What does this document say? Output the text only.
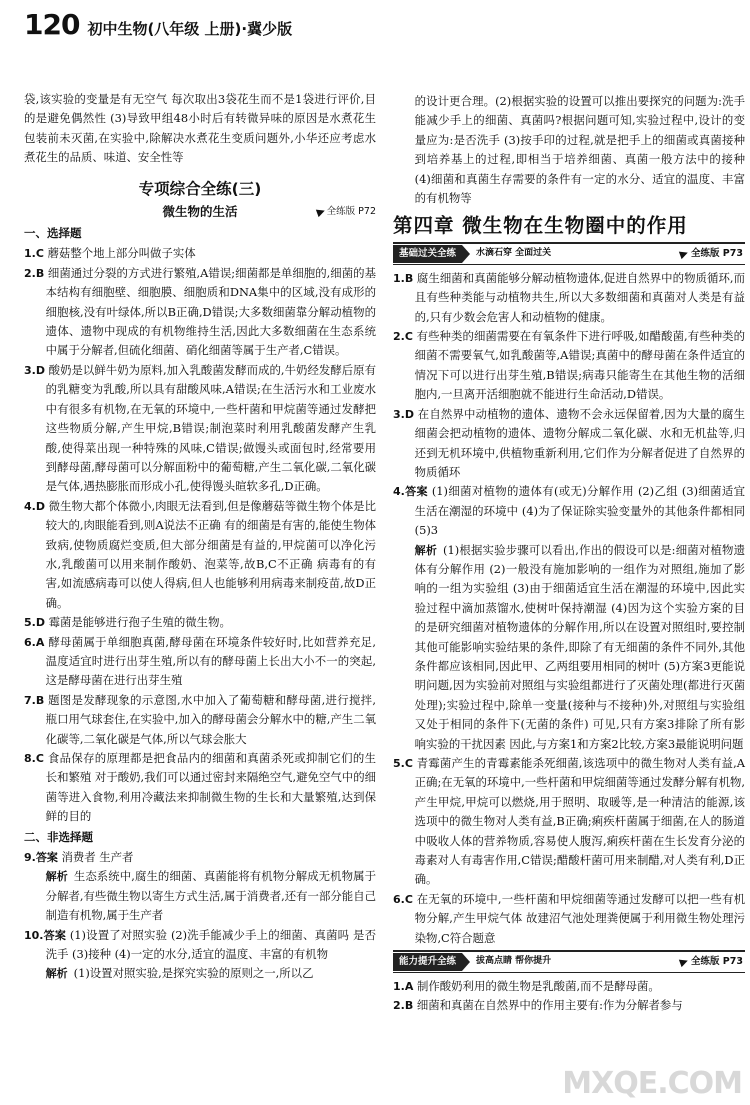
120 初中生物(八年级 上册)·冀少版

袋,该实验的变量是有无空气 每次取出3袋花生而不是1袋进行评价,目的是避免偶然性 (3)导致甲组48小时后有转微异味的原因是水煮花生包装前未灭菌,在实验中,除解决水煮花生变质问题外,小华还应考虑水煮花生的品质、味道、安全性等

专项综合全练(三)
微生物的生活	全练版 P72
一、选择题

1.C 蘑菇整个地上部分叫做子实体

2.B 细菌通过分裂的方式进行繁殖,A错误;细菌都是单细胞的,细菌的基本结构有细胞壁、细胞膜、细胞质和DNA集中的区域,没有成形的细胞核,没有叶绿体,所以B正确,D错误;大多数细菌靠分解动植物的遗体、遗物中现成的有机物维持生活,因此大多数细菌在生态系统中属于分解者,但硫化细菌、硝化细菌等属于生产者,C错误。

3.D 酸奶是以鲜牛奶为原料,加入乳酸菌发酵而成的,牛奶经发酵后原有的乳糖变为乳酸,所以具有甜酸风味,A错误;在生活污水和工业废水中有很多有机物,在无氧的环境中,一些杆菌和甲烷菌等通过发酵把这些物质分解,产生甲烷,B错误;制泡菜时利用乳酸菌发酵产生乳酸,使得菜出现一种特殊的风味,C错误;做馒头或面包时,经常要用到酵母菌,酵母菌可以分解面粉中的葡萄糖,产生二氧化碳,二氧化碳是气体,遇热膨胀而形成小孔,使得馒头暄软多孔,D正确。

4.D 微生物大都个体微小,肉眼无法看到,但是像蘑菇等微生物个体是比较大的,肉眼能看到,则A说法不正确 有的细菌是有害的,能使生物体致病,使物质腐烂变质,但大部分细菌是有益的,甲烷菌可以净化污水,乳酸菌可以用来制作酸奶、泡菜等,故B,C不正确 病毒有的有害,如流感病毒可以使人得病,但人也能够利用病毒来制疫苗,故D正确。

5.D 霉菌是能够进行孢子生殖的微生物。

6.A 酵母菌属于单细胞真菌,酵母菌在环境条件较好时,比如营养充足,温度适宜时进行出芽生殖,所以有的酵母菌上长出大小不一的突起,这是酵母菌在进行出芽生殖

7.B 题图是发酵现象的示意图,水中加入了葡萄糖和酵母菌,进行搅拌,瓶口用气球套住,在实验中,加入的酵母菌会分解水中的糖,产生二氧化碳等,二氧化碳是气体,所以气球会胀大

8.C 食品保存的原理都是把食品内的细菌和真菌杀死或抑制它们的生长和繁殖 对于酸奶,我们可以通过密封来隔绝空气,避免空气中的细菌等进入食物,利用冷藏法来抑制微生物的生长和大量繁殖,达到保鲜的目的

二、非选择题

9.答案 消费者 生产者

解析 生态系统中,腐生的细菌、真菌能将有机物分解成无机物属于分解者,有些微生物以寄生方式生活,属于消费者,还有一部分能自己制造有机物,属于生产者

10.答案 (1)设置了对照实验 (2)洗手能减少手上的细菌、真菌吗 是否洗手 (3)接种 (4)一定的水分,适宜的温度、丰富的有机物

解析 (1)设置对照实验,是探究实验的原则之一,所以乙

的设计更合理。(2)根据实验的设置可以推出要探究的问题为:洗手能减少手上的细菌、真菌吗?根据问题可知,实验过程中,设计的变量应为:是否洗手 (3)按手印的过程,就是把手上的细菌或真菌接种到培养基上的过程,即相当于培养细菌、真菌一般方法中的接种 (4)细菌和真菌生存需要的条件有一定的水分、适宜的温度、丰富的有机物等

第四章 微生物在生物圈中的作用
基础过关全练	水滴石穿 全面过关	全练版 P73

1.B 腐生细菌和真菌能够分解动植物遗体,促进自然界中的物质循环,而且有些种类能与动植物共生,所以大多数细菌和真菌对人类是有益的,只有少数会危害人和动植物的健康。

2.C 有些种类的细菌需要在有氧条件下进行呼吸,如醋酸菌,有些种类的细菌不需要氧气,如乳酸菌等,A错误;真菌中的酵母菌在条件适宜的情况下可以进行出芽生殖,B错误;病毒只能寄生在其他生物的活细胞内,一旦离开活细胞就不能进行生命活动,D错误。

3.D 在自然界中动植物的遗体、遗物不会永远保留着,因为大量的腐生细菌会把动植物的遗体、遗物分解成二氧化碳、水和无机盐等,归还到无机环境中,供植物重新利用,它们作为分解者促进了自然界的物质循环

4.答案 (1)细菌对植物的遗体有(或无)分解作用 (2)乙组 (3)细菌适宜生活在潮湿的环境中 (4)为了保证除实验变量外的其他条件都相同 (5)3

解析 (1)根据实验步骤可以看出,作出的假设可以是:细菌对植物遗体有分解作用 (2)一般没有施加影响的一组作为对照组,施加了影响的一组为实验组 (3)由于细菌适宜生活在潮湿的环境中,因此实验过程中滴加蒸馏水,使树叶保持潮湿 (4)因为这个实验方案的目的是研究细菌对植物遗体的分解作用,所以在设置对照组时,要控制其他可能影响实验结果的条件,即除了有无细菌的条件不同外,其他条件都应该相同,因此甲、乙两组要用相同的树叶 (5)方案3更能说明问题,因为实验前对照组与实验组都进行了灭菌处理(都进行灭菌处理);实验过程中,除单一变量(接种与不接种)外,对照组与实验组又处于相同的条件下(无菌的条件) 可见,只有方案3排除了所有影响实验的干扰因素 因此,与方案1和方案2比较,方案3最能说明问题

5.C 青霉菌产生的青霉素能杀死细菌,该选项中的微生物对人类有益,A正确;在无氧的环境中,一些杆菌和甲烷细菌等通过发酵分解有机物,产生甲烷,甲烷可以燃烧,用于照明、取暖等,是一种清洁的能源,该选项中的微生物对人类有益,B正确;痢疾杆菌属于细菌,在人的肠道中吸收人体的营养物质,容易使人腹泻,痢疾杆菌在生长发育分泌的毒素对人有毒害作用,C错误;醋酸杆菌可用来制醋,对人类有利,D正确。

6.C 在无氧的环境中,一些杆菌和甲烷细菌等通过发酵可以把一些有机物分解,产生甲烷气体 故建沼气池处理粪便属于利用微生物处理污染物,C符合题意

能力提升全练	拔高点睛 帮你提升	全练版 P73

1.A 制作酸奶利用的微生物是乳酸菌,而不是酵母菌。

2.B 细菌和真菌在自然界中的作用主要有:作为分解者参与

MXQE.COM
